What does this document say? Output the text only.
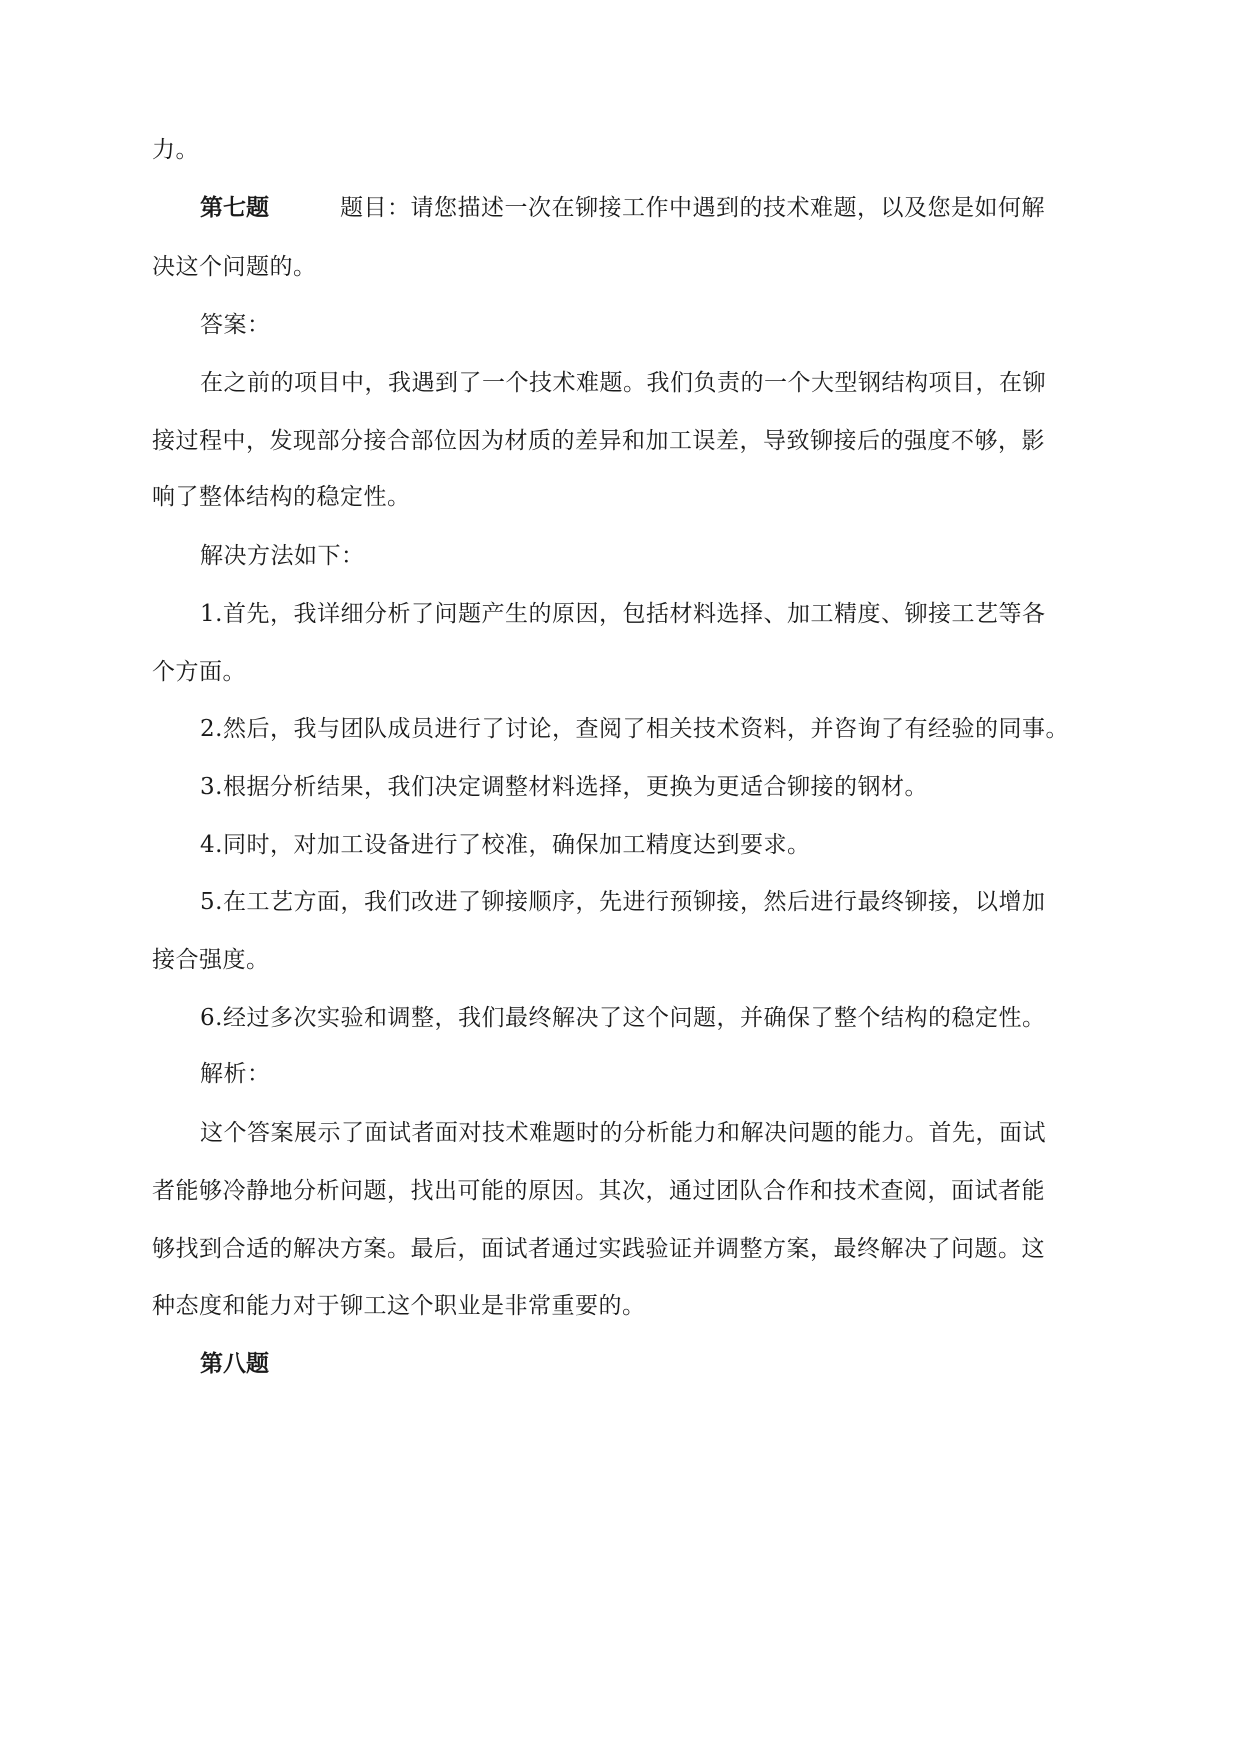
力。
第七题	题目：请您描述一次在铆接工作中遇到的技术难题，以及您是如何解
决这个问题的。
答案：
在之前的项目中，我遇到了一个技术难题。我们负责的一个大型钢结构项目，在铆
接过程中，发现部分接合部位因为材质的差异和加工误差，导致铆接后的强度不够，影
响了整体结构的稳定性。
解决方法如下：
1.首先，我详细分析了问题产生的原因，包括材料选择、加工精度、铆接工艺等各
个方面。
2.然后，我与团队成员进行了讨论，查阅了相关技术资料，并咨询了有经验的同事。
3.根据分析结果，我们决定调整材料选择，更换为更适合铆接的钢材。
4.同时，对加工设备进行了校准，确保加工精度达到要求。
5.在工艺方面，我们改进了铆接顺序，先进行预铆接，然后进行最终铆接，以增加
接合强度。
6.经过多次实验和调整，我们最终解决了这个问题，并确保了整个结构的稳定性。
解析：
这个答案展示了面试者面对技术难题时的分析能力和解决问题的能力。首先，面试
者能够冷静地分析问题，找出可能的原因。其次，通过团队合作和技术查阅，面试者能
够找到合适的解决方案。最后，面试者通过实践验证并调整方案，最终解决了问题。这
种态度和能力对于铆工这个职业是非常重要的。
第八题
